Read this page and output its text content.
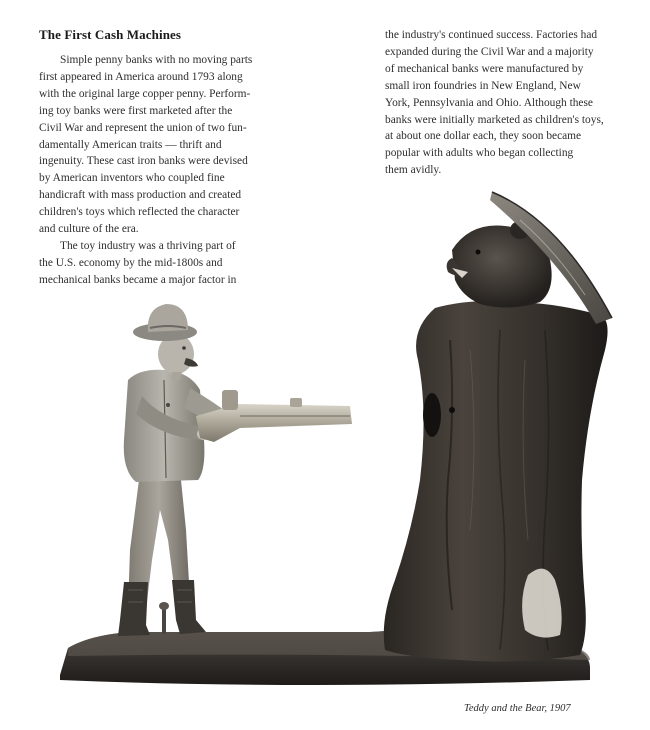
The First Cash Machines
Simple penny banks with no moving parts
first appeared in America around 1793 along
with the original large copper penny. Perform-
ing toy banks were first marketed after the
Civil War and represent the union of two fun-
damentally American traits — thrift and
ingenuity. These cast iron banks were devised
by American inventors who coupled fine
handicraft with mass production and created
children's toys which reflected the character
and culture of the era.
The toy industry was a thriving part of
the U.S. economy by the mid-1800s and
mechanical banks became a major factor in
the industry's continued success. Factories had
expanded during the Civil War and a majority
of mechanical banks were manufactured by
small iron foundries in New England, New
York, Pennsylvania and Ohio. Although these
banks were initially marketed as children's toys,
at about one dollar each, they soon became
popular with adults who began collecting
them avidly.
Teddy and the Bear, 1907
